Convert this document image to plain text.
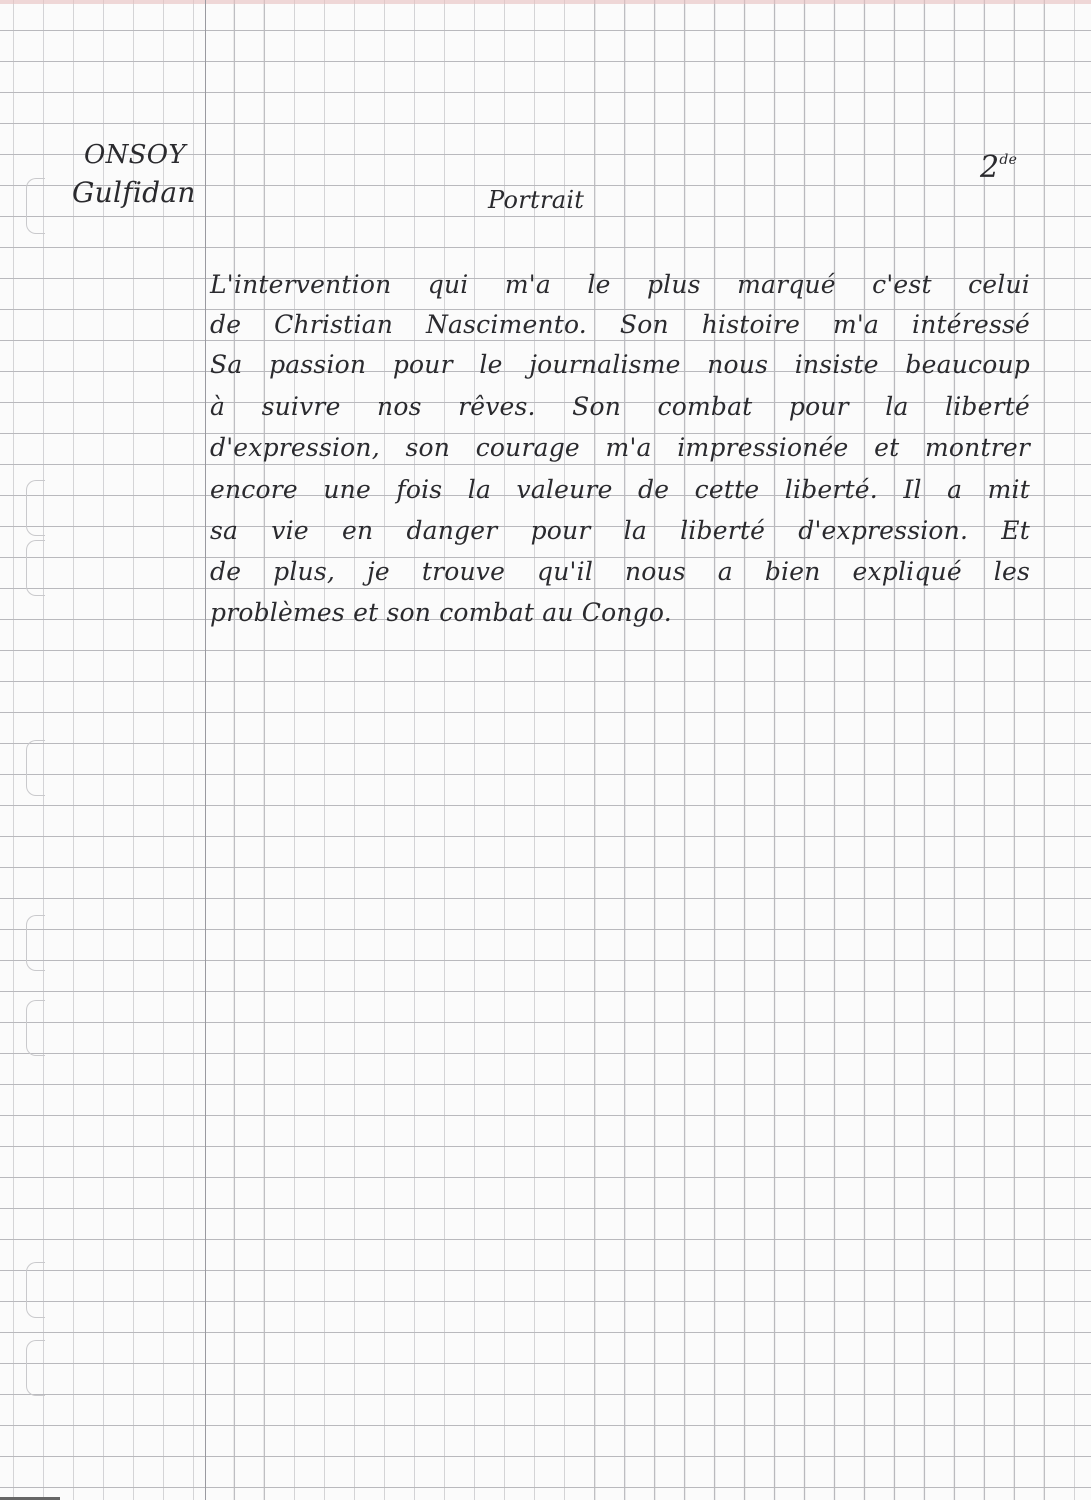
ONSOY
Gulfidan
2de
Portrait
L'intervention qui m'a le plus marqué c'est celui
de Christian Nascimento. Son histoire m'a intéressé
Sa passion pour le journalisme nous insiste beaucoup
à suivre nos rêves. Son combat pour la liberté
d'expression, son courage m'a impressionée et montrer
encore une fois la valeure de cette liberté. Il a mit
sa vie en danger pour la liberté d'expression. Et
de plus, je trouve qu'il nous a bien expliqué les
problèmes et son combat au Congo.
